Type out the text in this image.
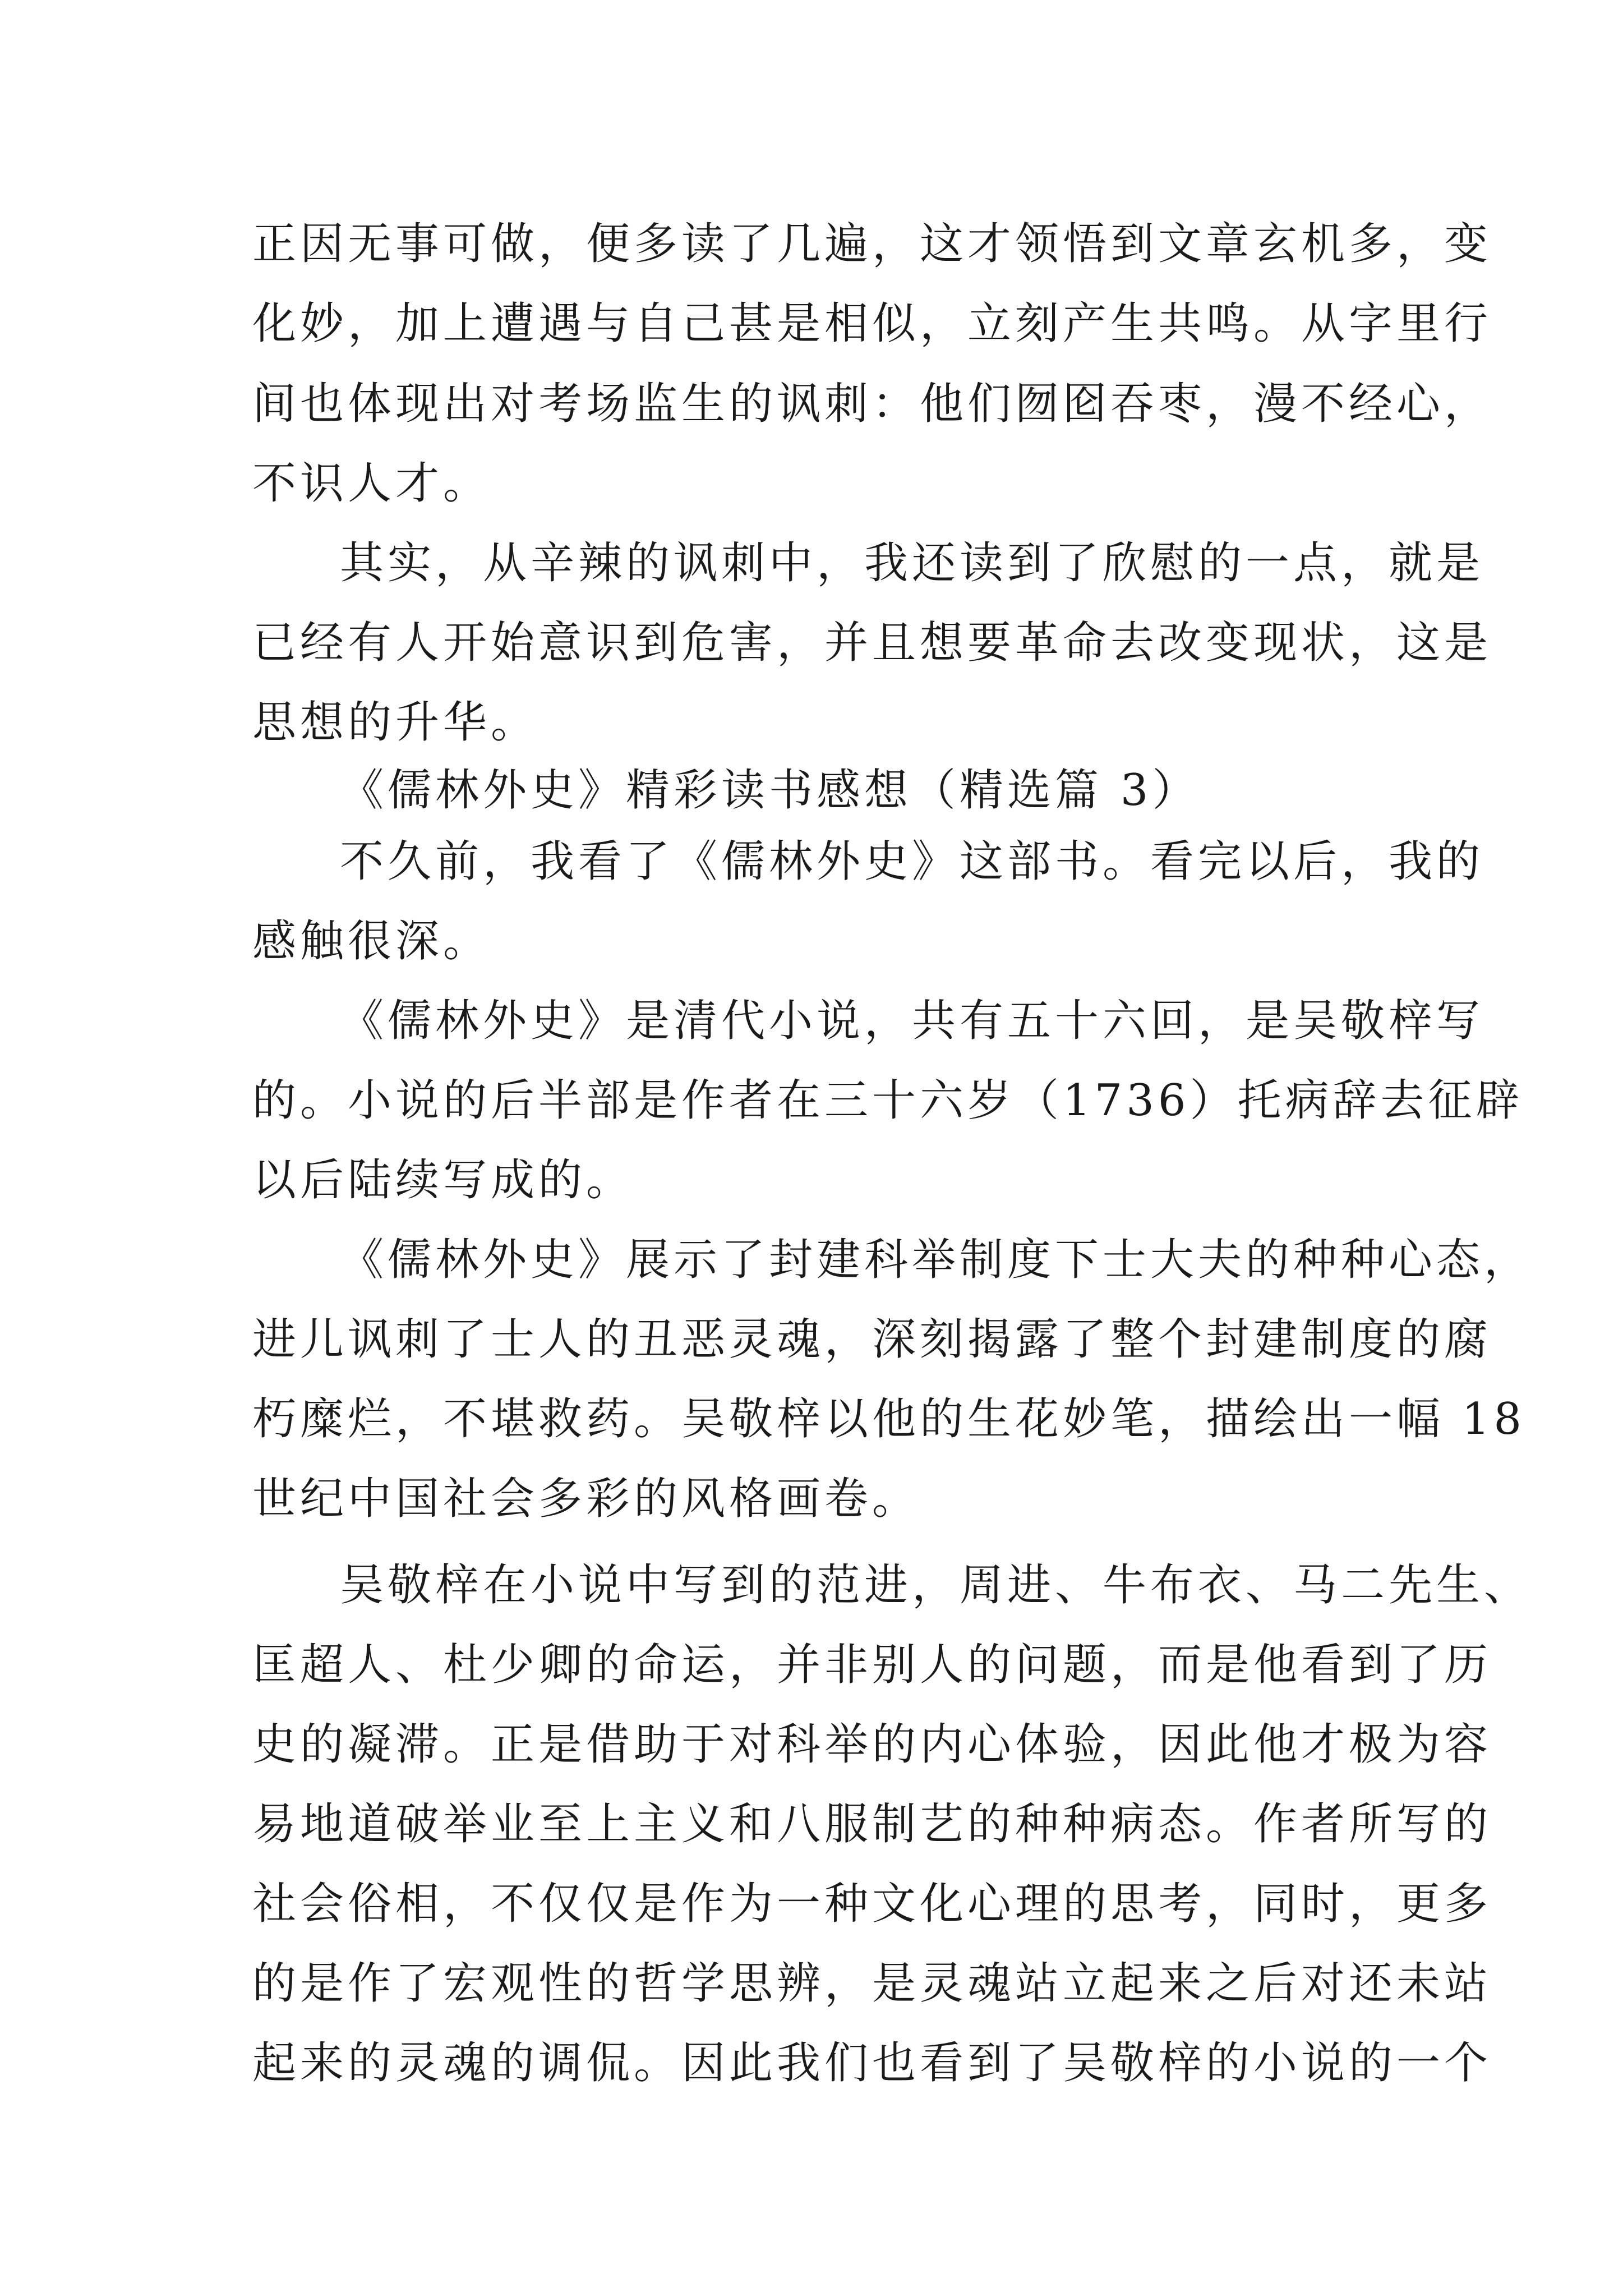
正因无事可做，便多读了几遍，这才领悟到文章玄机多，变

化妙，加上遭遇与自己甚是相似，立刻产生共鸣。从字里行

间也体现出对考场监生的讽刺：他们囫囵吞枣，漫不经心，

不识人才。

其实，从辛辣的讽刺中，我还读到了欣慰的一点，就是

已经有人开始意识到危害，并且想要革命去改变现状，这是

思想的升华。

《儒林外史》精彩读书感想（精选篇 3）

不久前，我看了《儒林外史》这部书。看完以后，我的

感触很深。

《儒林外史》是清代小说，共有五十六回，是吴敬梓写

的。小说的后半部是作者在三十六岁（1736）托病辞去征辟

以后陆续写成的。

《儒林外史》展示了封建科举制度下士大夫的种种心态，

进儿讽刺了士人的丑恶灵魂，深刻揭露了整个封建制度的腐

朽糜烂，不堪救药。吴敬梓以他的生花妙笔，描绘出一幅 18

世纪中国社会多彩的风格画卷。

吴敬梓在小说中写到的范进，周进、牛布衣、马二先生、

匡超人、杜少卿的命运，并非别人的问题，而是他看到了历

史的凝滞。正是借助于对科举的内心体验，因此他才极为容

易地道破举业至上主义和八服制艺的种种病态。作者所写的

社会俗相，不仅仅是作为一种文化心理的思考，同时，更多

的是作了宏观性的哲学思辨，是灵魂站立起来之后对还未站

起来的灵魂的调侃。因此我们也看到了吴敬梓的小说的一个
